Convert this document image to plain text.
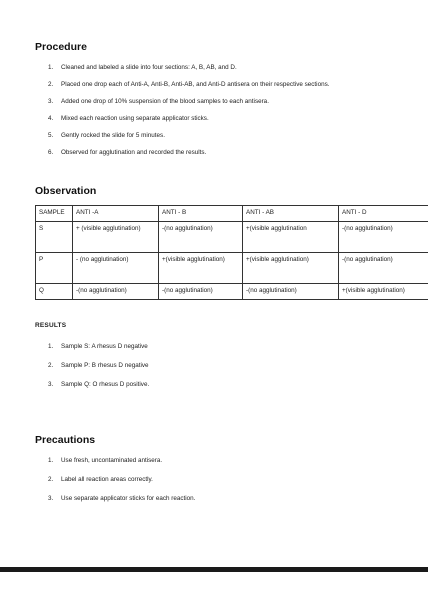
Procedure
1. Cleaned and labeled a slide into four sections: A, B, AB, and D.
2. Placed one drop each of Anti-A, Anti-B, Anti-AB, and Anti-D antisera on their respective sections.
3. Added one drop of 10% suspension of the blood samples to each antisera.
4. Mixed each reaction using separate applicator sticks.
5. Gently rocked the slide for 5 minutes.
6. Observed for agglutination and recorded the results.
Observation
SAMPLE	ANTI -A	ANTI - B	ANTI - AB	ANTI - D
S	+ (visible agglutination)	-(no agglutination)	+(visible agglutination	-(no agglutination)
P	- (no agglutination)	+(visible agglutination)	+(visible agglutination)	-(no agglutination)
Q	-(no agglutination)	-(no agglutination)	-(no agglutination)	+(visible agglutination)
RESULTS
1. Sample S: A rhesus D negative
2. Sample P: B rhesus D negative
3. Sample Q: O rhesus D positive.
Precautions
1. Use fresh, uncontaminated antisera.
2. Label all reaction areas correctly.
3. Use separate applicator sticks for each reaction.
